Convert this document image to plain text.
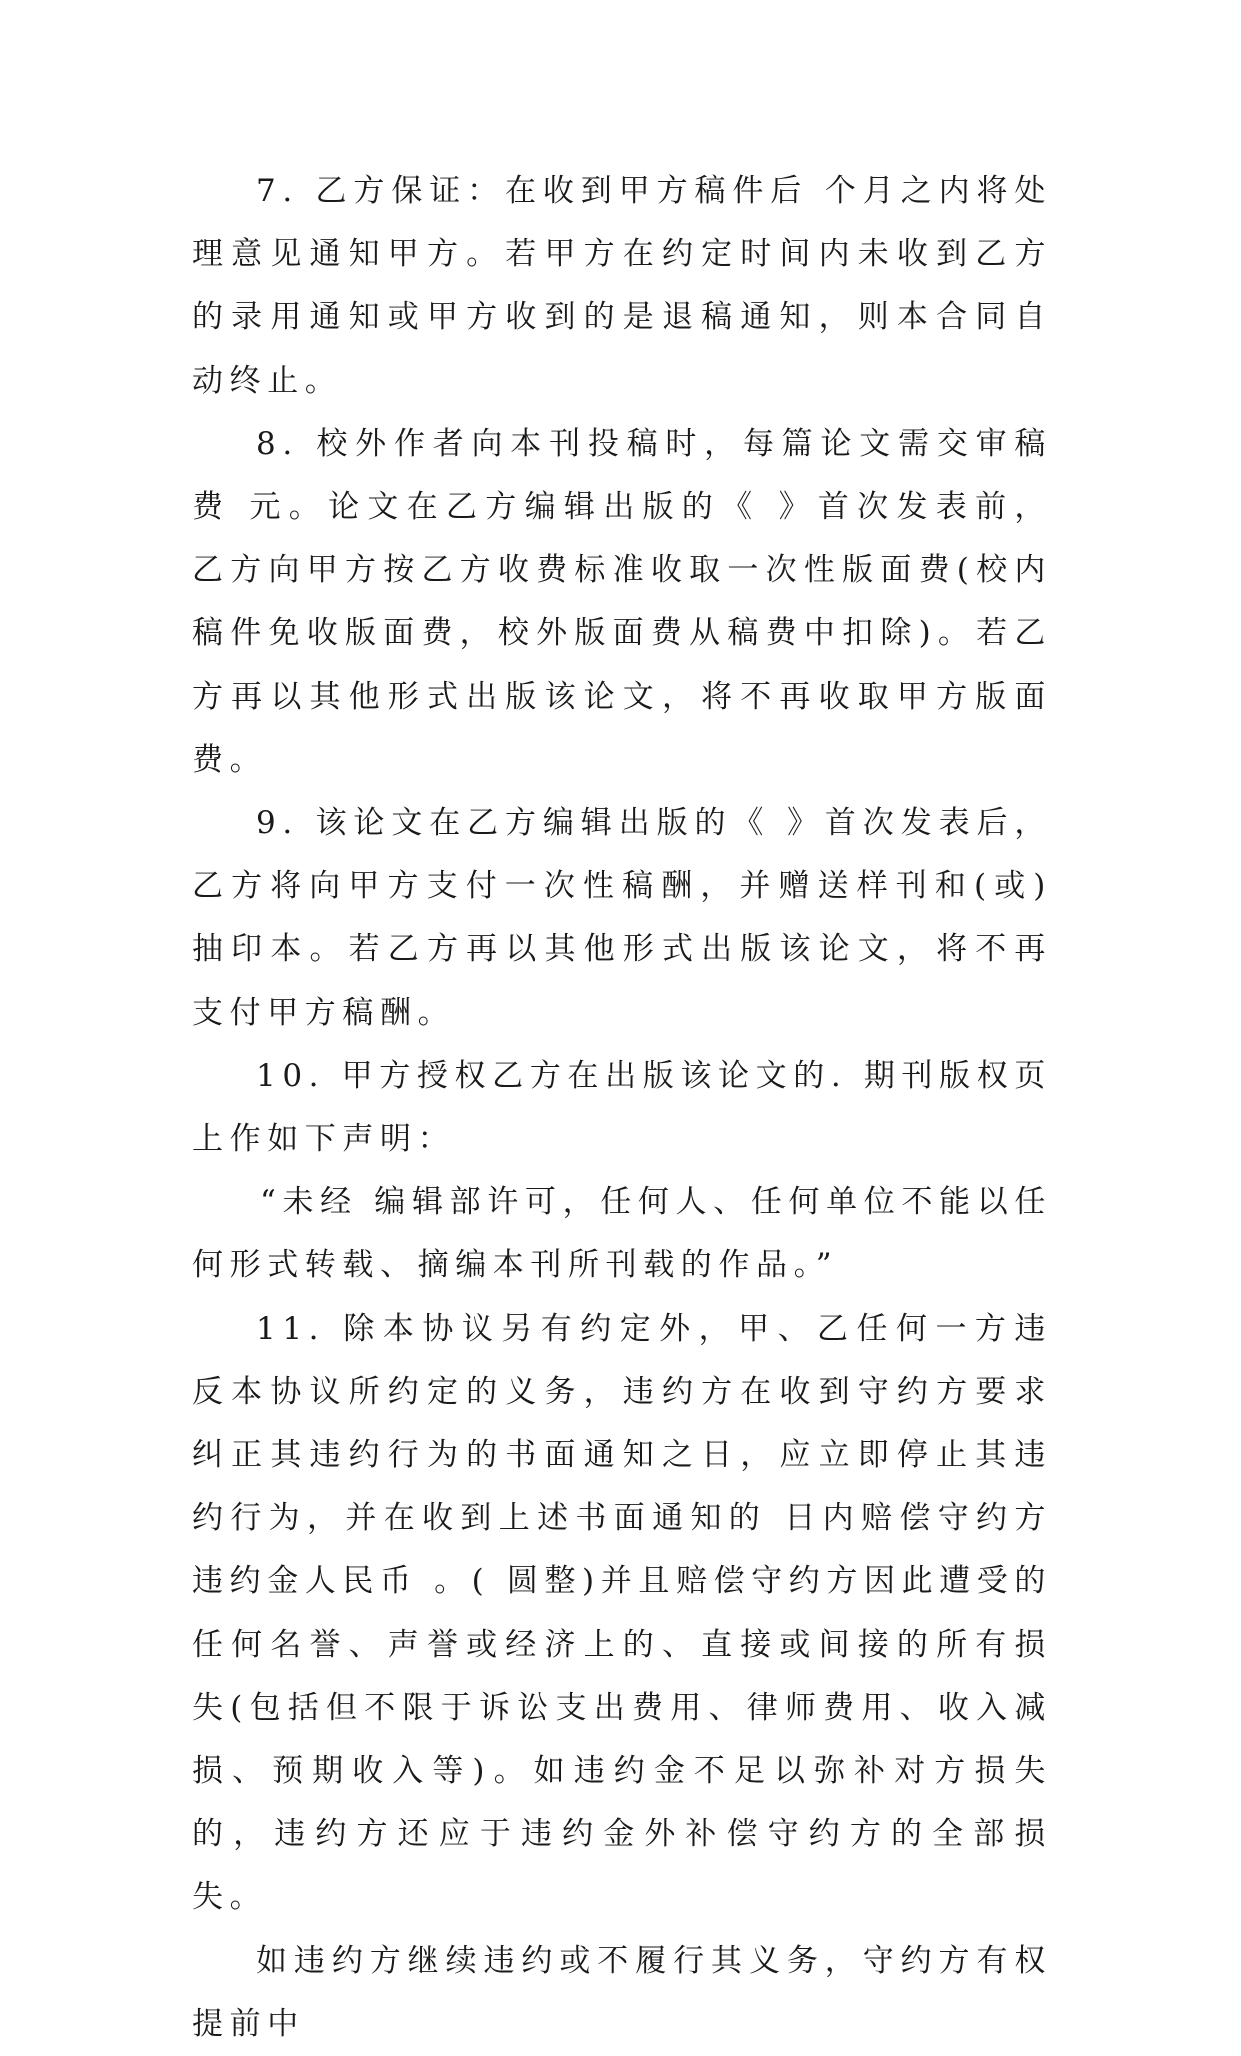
7. 乙方保证：在收到甲方稿件后 个月之内将处理意见通知甲方。若甲方在约定时间内未收到乙方的录用通知或甲方收到的是退稿通知，则本合同自动终止。

8. 校外作者向本刊投稿时，每篇论文需交审稿费 元。论文在乙方编辑出版的《 》首次发表前，乙方向甲方按乙方收费标准收取一次性版面费(校内稿件免收版面费，校外版面费从稿费中扣除)。若乙方再以其他形式出版该论文，将不再收取甲方版面费。

9. 该论文在乙方编辑出版的《 》首次发表后，乙方将向甲方支付一次性稿酬，并赠送样刊和(或)抽印本。若乙方再以其他形式出版该论文，将不再支付甲方稿酬。

10. 甲方授权乙方在出版该论文的. 期刊版权页上作如下声明：

“未经 编辑部许可，任何人、任何单位不能以任何形式转载、摘编本刊所刊载的作品。”

11. 除本协议另有约定外，甲、乙任何一方违反本协议所约定的义务，违约方在收到守约方要求纠正其违约行为的书面通知之日，应立即停止其违约行为，并在收到上述书面通知的 日内赔偿守约方违约金人民币 。( 圆整)并且赔偿守约方因此遭受的任何名誉、声誉或经济上的、直接或间接的所有损失(包括但不限于诉讼支出费用、律师费用、收入减损、预期收入等)。如违约金不足以弥补对方损失的，违约方还应于违约金外补偿守约方的全部损失。

如违约方继续违约或不履行其义务，守约方有权提前中
